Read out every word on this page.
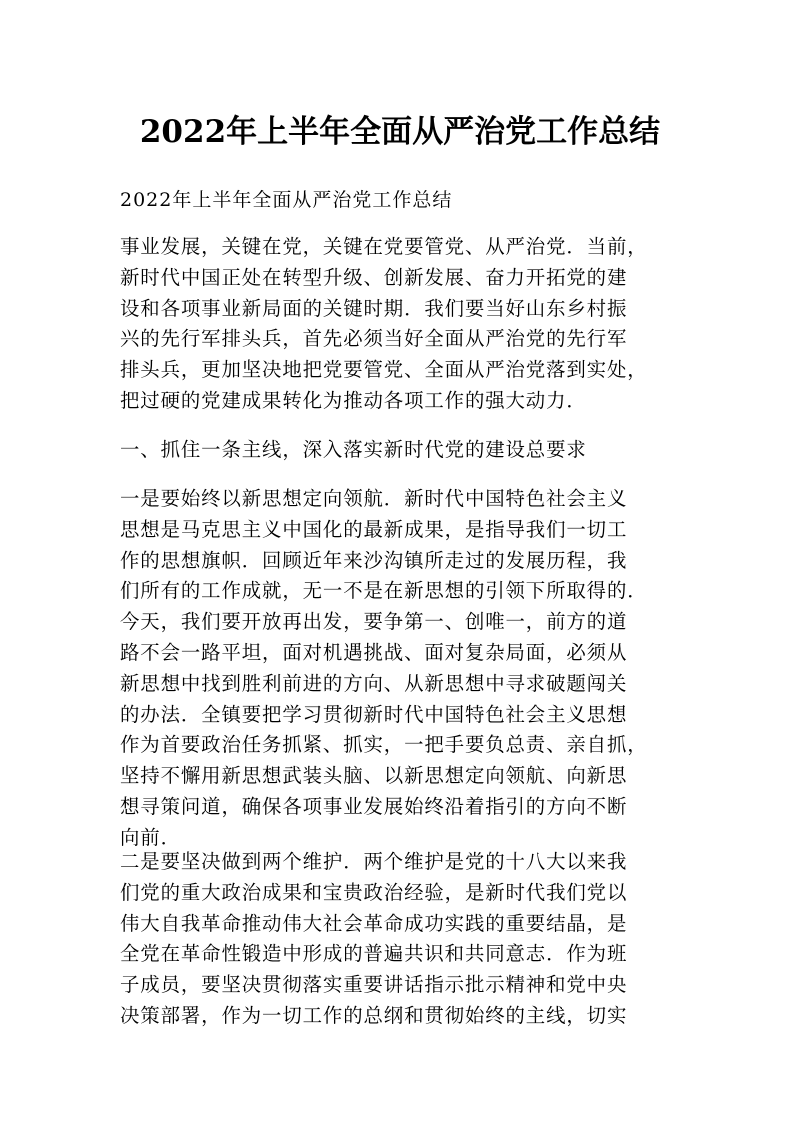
2022年上半年全面从严治党工作总结
2022年上半年全面从严治党工作总结
事业发展，关键在党，关键在党要管党、从严治党．当前，
新时代中国正处在转型升级、创新发展、奋力开拓党的建
设和各项事业新局面的关键时期．我们要当好山东乡村振
兴的先行军排头兵，首先必须当好全面从严治党的先行军
排头兵，更加坚决地把党要管党、全面从严治党落到实处，
把过硬的党建成果转化为推动各项工作的强大动力．
一、抓住一条主线，深入落实新时代党的建设总要求
一是要始终以新思想定向领航．新时代中国特色社会主义
思想是马克思主义中国化的最新成果，是指导我们一切工
作的思想旗帜．回顾近年来沙沟镇所走过的发展历程，我
们所有的工作成就，无一不是在新思想的引领下所取得的．
今天，我们要开放再出发，要争第一、创唯一，前方的道
路不会一路平坦，面对机遇挑战、面对复杂局面，必须从
新思想中找到胜利前进的方向、从新思想中寻求破题闯关
的办法．全镇要把学习贯彻新时代中国特色社会主义思想
作为首要政治任务抓紧、抓实，一把手要负总责、亲自抓，
坚持不懈用新思想武装头脑、以新思想定向领航、向新思
想寻策问道，确保各项事业发展始终沿着指引的方向不断
向前．
二是要坚决做到两个维护．两个维护是党的十八大以来我
们党的重大政治成果和宝贵政治经验，是新时代我们党以
伟大自我革命推动伟大社会革命成功实践的重要结晶，是
全党在革命性锻造中形成的普遍共识和共同意志．作为班
子成员，要坚决贯彻落实重要讲话指示批示精神和党中央
决策部署，作为一切工作的总纲和贯彻始终的主线，切实
